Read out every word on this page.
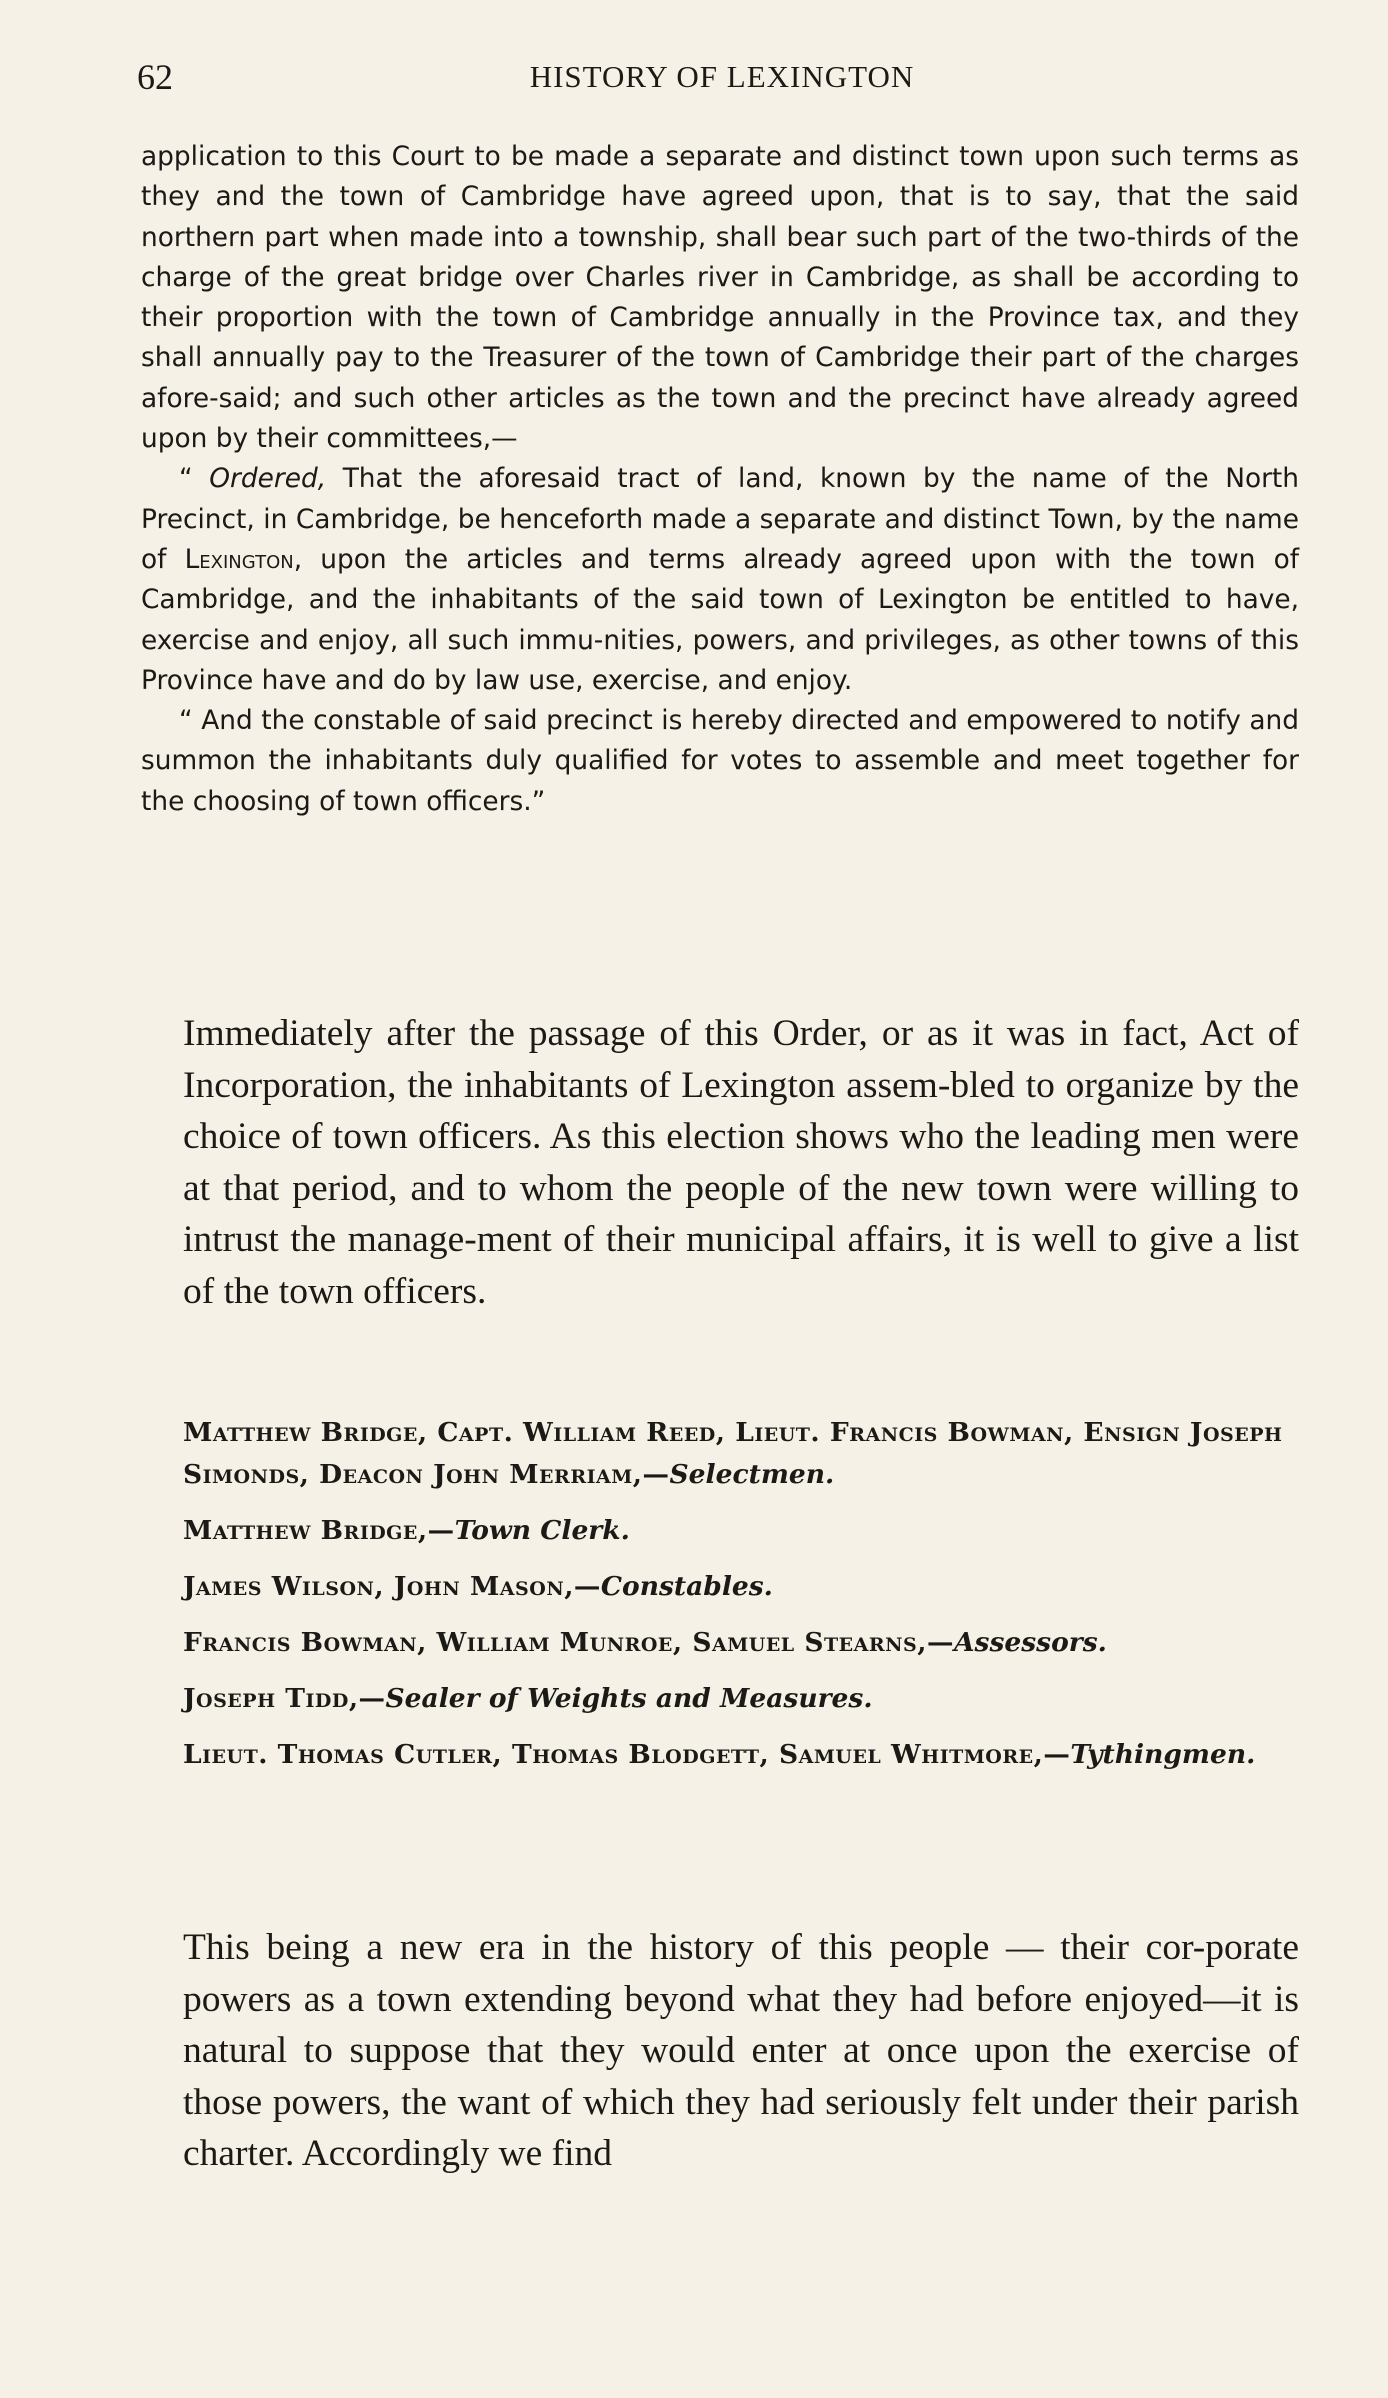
62	HISTORY OF LEXINGTON

application to this Court to be made a separate and distinct town upon such terms as they and the town of Cambridge have agreed upon, that is to say, that the said northern part when made into a township, shall bear such part of the two-thirds of the charge of the great bridge over Charles river in Cambridge, as shall be according to their proportion with the town of Cambridge annually in the Province tax, and they shall annually pay to the Treasurer of the town of Cambridge their part of the charges afore-said; and such other articles as the town and the precinct have already agreed upon by their committees,—

“ Ordered, That the aforesaid tract of land, known by the name of the North Precinct, in Cambridge, be henceforth made a separate and distinct Town, by the name of Lexington, upon the articles and terms already agreed upon with the town of Cambridge, and the inhabitants of the said town of Lexington be entitled to have, exercise and enjoy, all such immu-nities, powers, and privileges, as other towns of this Province have and do by law use, exercise, and enjoy.

“ And the constable of said precinct is hereby directed and empowered to notify and summon the inhabitants duly qualified for votes to assemble and meet together for the choosing of town officers.”

Immediately after the passage of this Order, or as it was in fact, Act of Incorporation, the inhabitants of Lexington assem-bled to organize by the choice of town officers. As this election shows who the leading men were at that period, and to whom the people of the new town were willing to intrust the manage-ment of their municipal affairs, it is well to give a list of the town officers.

Matthew Bridge, Capt. William Reed, Lieut. Francis Bowman, Ensign Joseph Simonds, Deacon John Merriam,—Selectmen.

Matthew Bridge,—Town Clerk.

James Wilson, John Mason,—Constables.

Francis Bowman, William Munroe, Samuel Stearns,—Assessors.

Joseph Tidd,—Sealer of Weights and Measures.

Lieut. Thomas Cutler, Thomas Blodgett, Samuel Whitmore,—Tythingmen.

This being a new era in the history of this people — their cor-porate powers as a town extending beyond what they had before enjoyed—it is natural to suppose that they would enter at once upon the exercise of those powers, the want of which they had seriously felt under their parish charter. Accordingly we find
